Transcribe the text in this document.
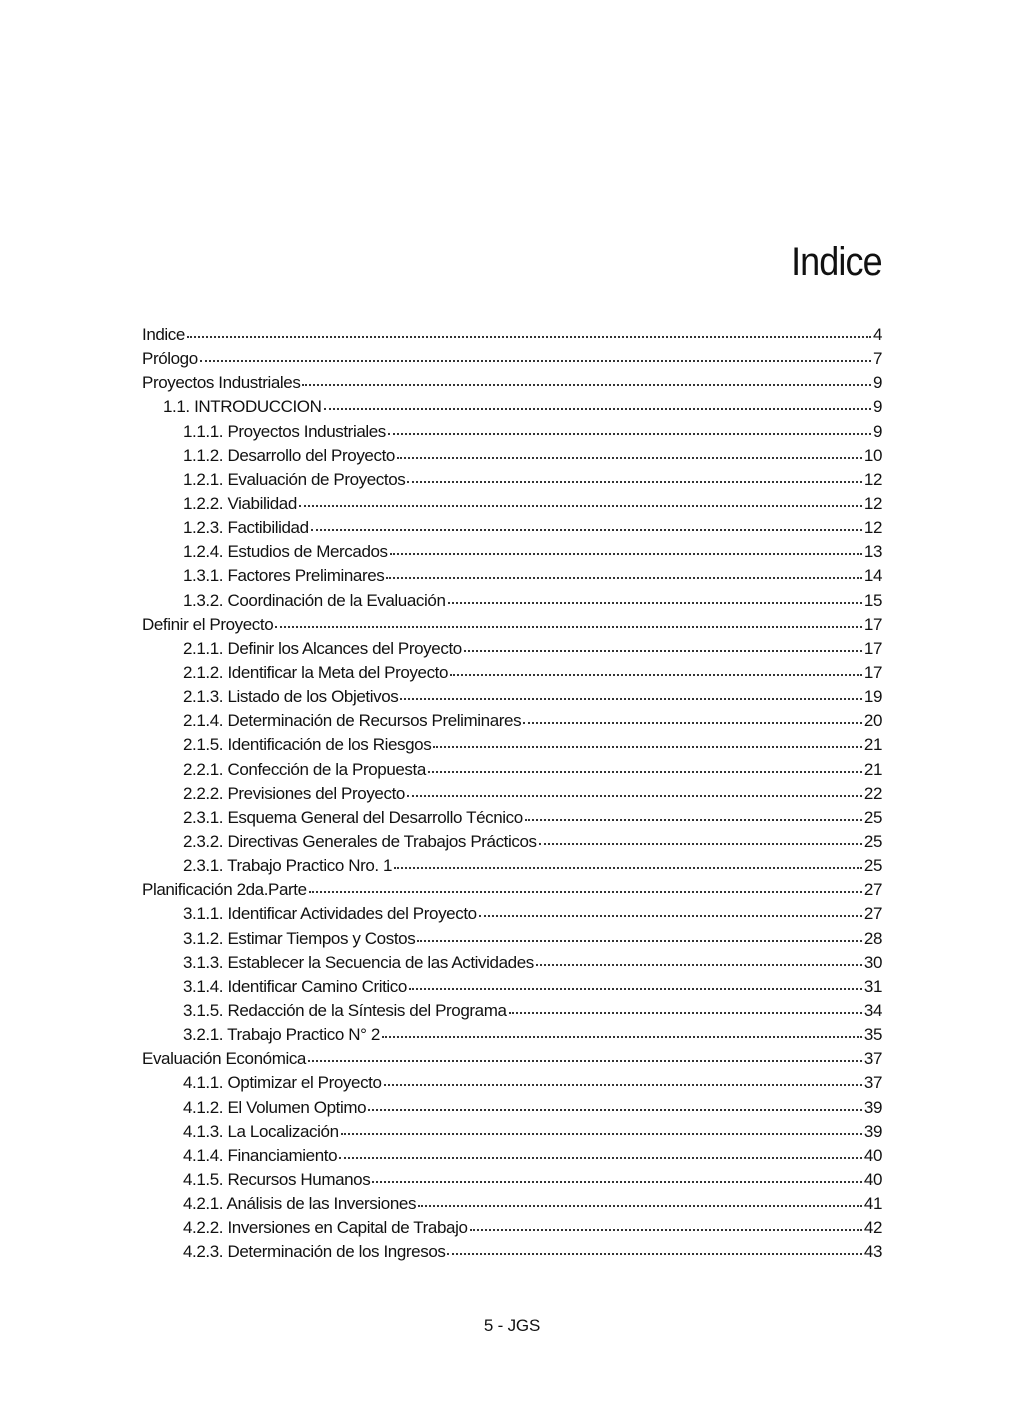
Indice
Indice	4
Prólogo	7
Proyectos Industriales	9
1.1. INTRODUCCION	9
1.1.1. Proyectos Industriales	9
1.1.2. Desarrollo del Proyecto	10
1.2.1. Evaluación de Proyectos	12
1.2.2. Viabilidad	12
1.2.3. Factibilidad	12
1.2.4. Estudios de Mercados	13
1.3.1. Factores Preliminares	14
1.3.2. Coordinación de la Evaluación	15
Definir el Proyecto	17
2.1.1. Definir los Alcances del Proyecto	17
2.1.2. Identificar la Meta del Proyecto	17
2.1.3. Listado de los Objetivos	19
2.1.4. Determinación de Recursos Preliminares	20
2.1.5. Identificación de los Riesgos	21
2.2.1. Confección de la Propuesta	21
2.2.2. Previsiones del Proyecto	22
2.3.1. Esquema General del Desarrollo Técnico	25
2.3.2. Directivas Generales de Trabajos Prácticos	25
2.3.1. Trabajo Practico Nro. 1	25
Planificación 2da.Parte	27
3.1.1. Identificar Actividades del Proyecto	27
3.1.2. Estimar Tiempos y Costos	28
3.1.3. Establecer la Secuencia de las Actividades	30
3.1.4. Identificar Camino Critico	31
3.1.5. Redacción de la Síntesis del Programa	34
3.2.1. Trabajo Practico N° 2	35
Evaluación Económica	37
4.1.1. Optimizar el Proyecto	37
4.1.2. El Volumen Optimo	39
4.1.3. La Localización	39
4.1.4. Financiamiento	40
4.1.5. Recursos Humanos	40
4.2.1. Análisis de las Inversiones	41
4.2.2. Inversiones en Capital de Trabajo	42
4.2.3. Determinación de los Ingresos	43
5 - JGS
